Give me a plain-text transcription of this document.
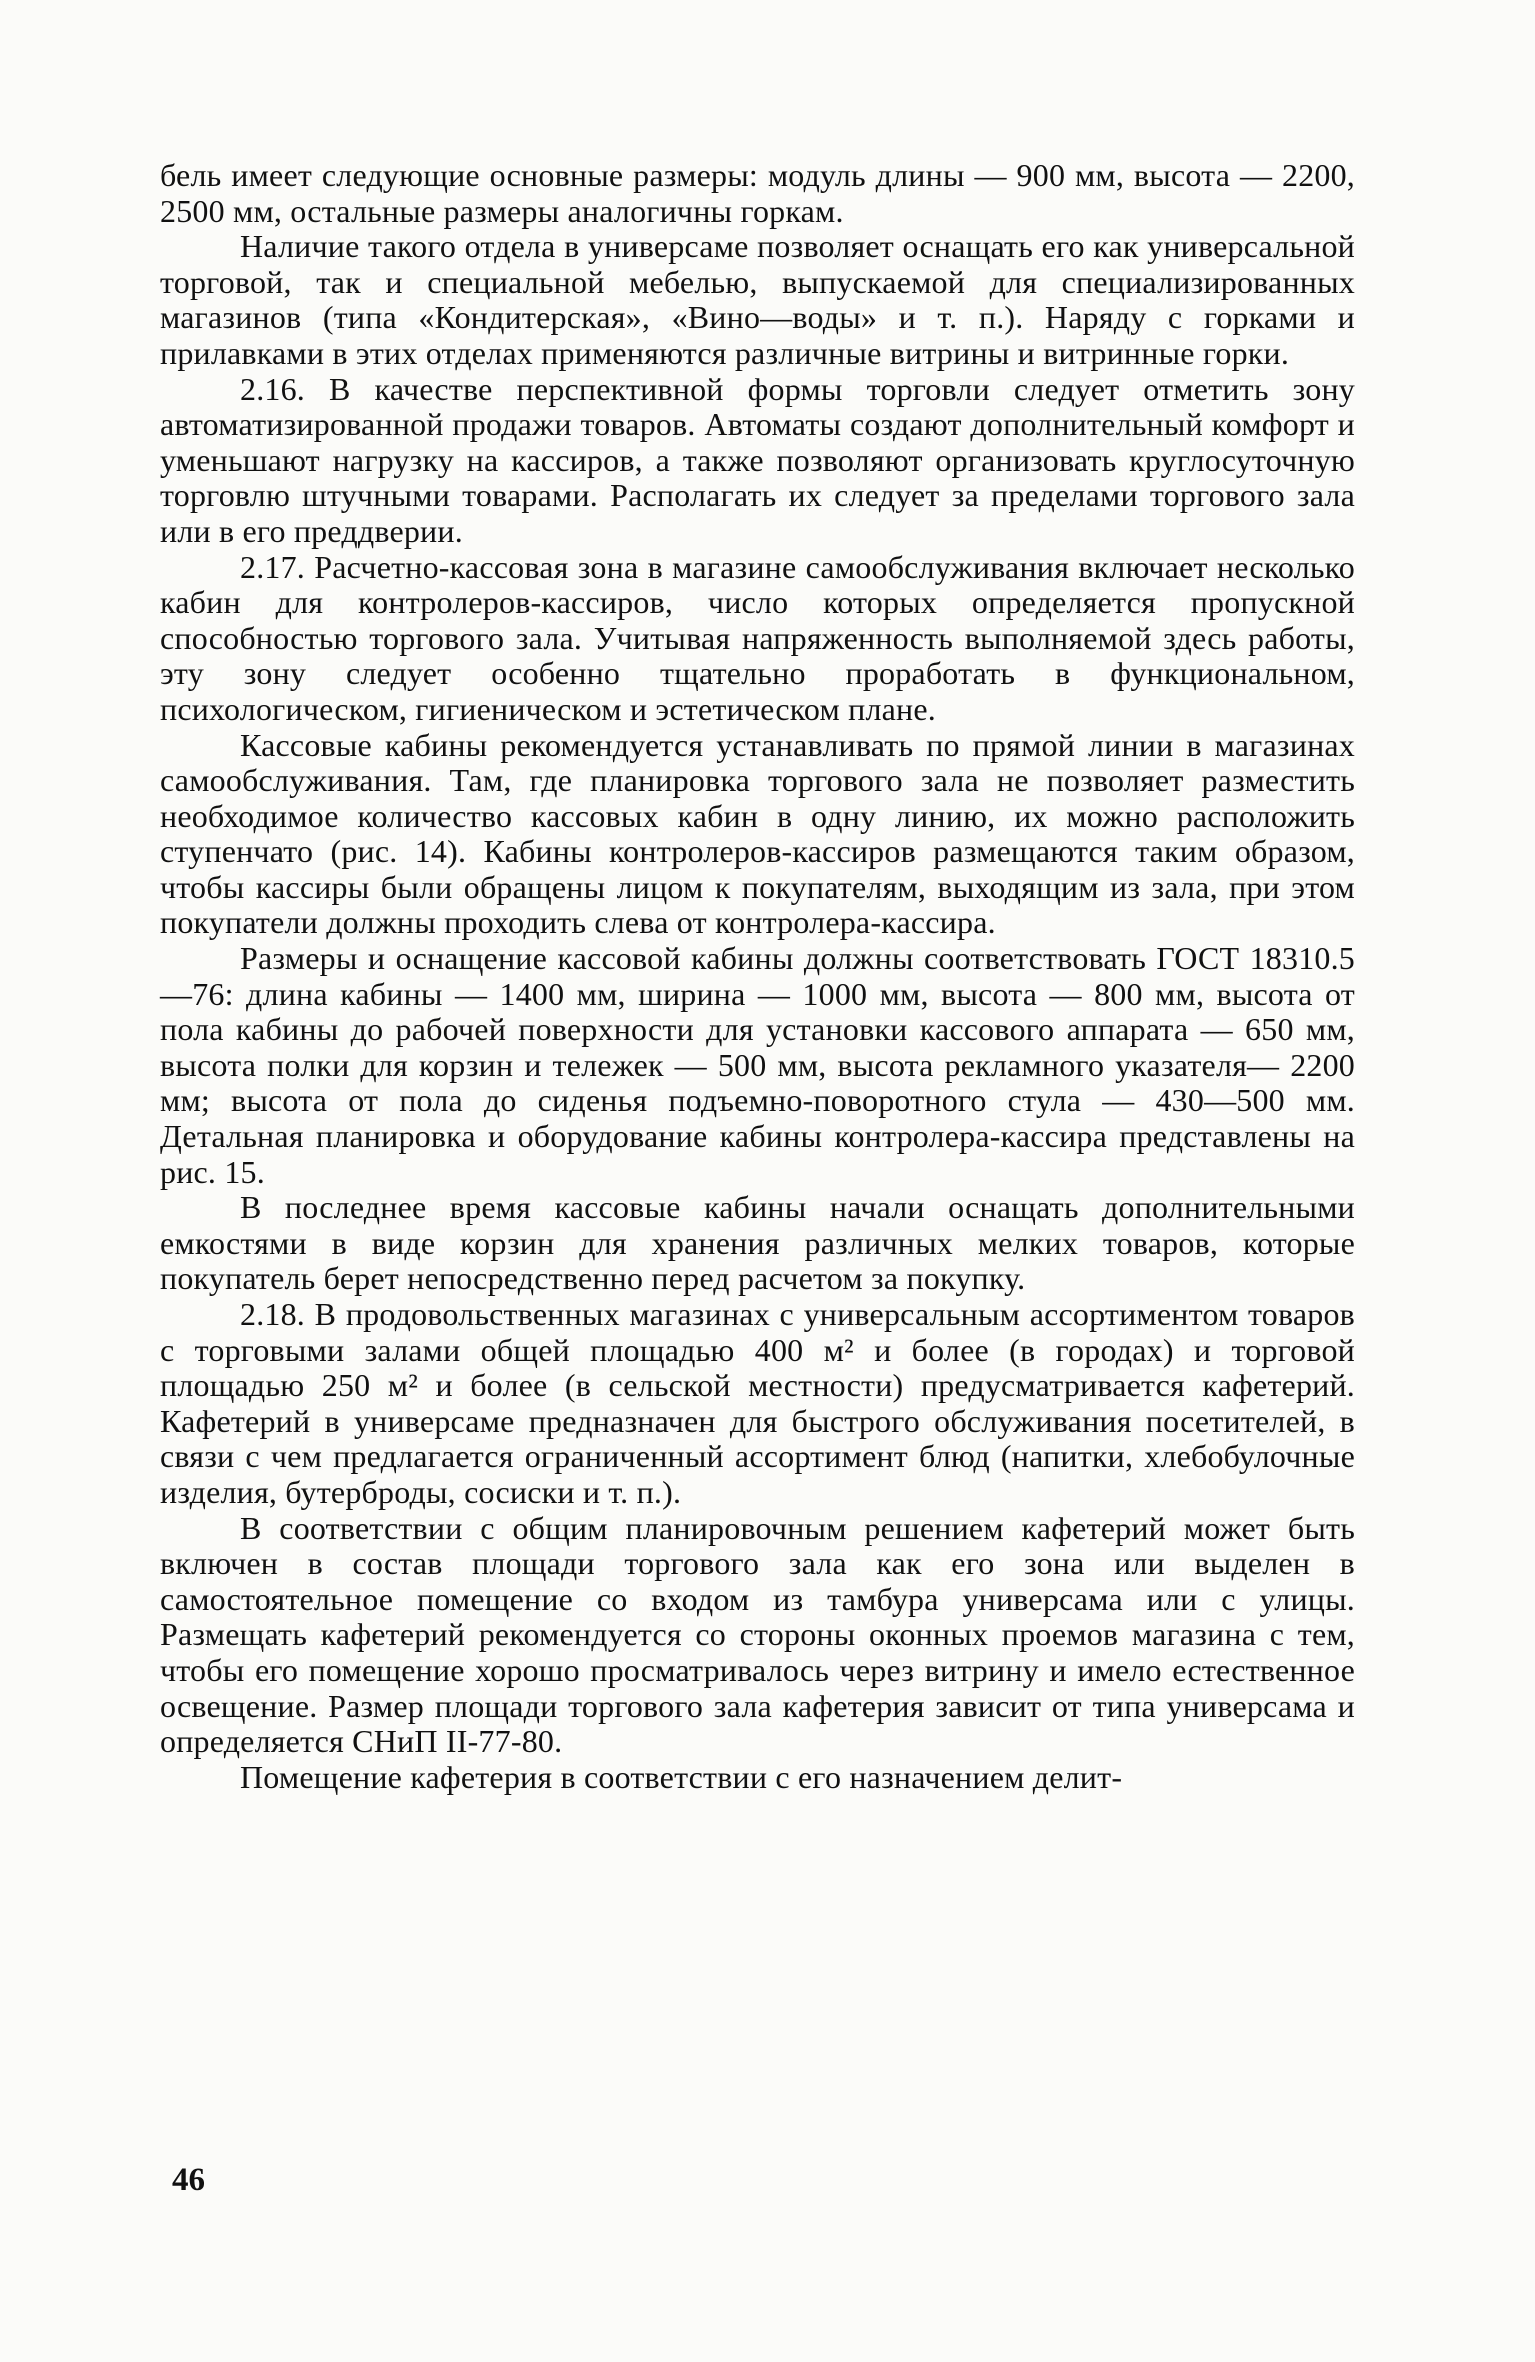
бель имеет следующие основные размеры: модуль длины — 900 мм, высота — 2200, 2500 мм, остальные размеры аналогичны горкам.

Наличие такого отдела в универсаме позволяет оснащать его как универсальной торговой, так и специальной мебелью, выпускаемой для специализированных магазинов (типа «Кондитерская», «Вино—воды» и т. п.). Наряду с горками и прилавками в этих отделах применяются различные витрины и витринные горки.

2.16. В качестве перспективной формы торговли следует отметить зону автоматизированной продажи товаров. Автоматы создают дополнительный комфорт и уменьшают нагрузку на кассиров, а также позволяют организовать круглосуточную торговлю штучными товарами. Располагать их следует за пределами торгового зала или в его преддверии.

2.17. Расчетно-кассовая зона в магазине самообслуживания включает несколько кабин для контролеров-кассиров, число которых определяется пропускной способностью торгового зала. Учитывая напряженность выполняемой здесь работы, эту зону следует особенно тщательно проработать в функциональном, психологическом, гигиеническом и эстетическом плане.

Кассовые кабины рекомендуется устанавливать по прямой линии в магазинах самообслуживания. Там, где планировка торгового зала не позволяет разместить необходимое количество кассовых кабин в одну линию, их можно расположить ступенчато (рис. 14). Кабины контролеров-кассиров размещаются таким образом, чтобы кассиры были обращены лицом к покупателям, выходящим из зала, при этом покупатели должны проходить слева от контролера-кассира.

Размеры и оснащение кассовой кабины должны соответствовать ГОСТ 18310.5—76: длина кабины — 1400 мм, ширина — 1000 мм, высота — 800 мм, высота от пола кабины до рабочей поверхности для установки кассового аппарата — 650 мм, высота полки для корзин и тележек — 500 мм, высота рекламного указателя— 2200 мм; высота от пола до сиденья подъемно-поворотного стула — 430—500 мм. Детальная планировка и оборудование кабины контролера-кассира представлены на рис. 15.

В последнее время кассовые кабины начали оснащать дополнительными емкостями в виде корзин для хранения различных мелких товаров, которые покупатель берет непосредственно перед расчетом за покупку.

2.18. В продовольственных магазинах с универсальным ассортиментом товаров с торговыми залами общей площадью 400 м² и более (в городах) и торговой площадью 250 м² и более (в сельской местности) предусматривается кафетерий. Кафетерий в универсаме предназначен для быстрого обслуживания посетителей, в связи с чем предлагается ограниченный ассортимент блюд (напитки, хлебобулочные изделия, бутерброды, сосиски и т. п.).

В соответствии с общим планировочным решением кафетерий может быть включен в состав площади торгового зала как его зона или выделен в самостоятельное помещение со входом из тамбура универсама или с улицы. Размещать кафетерий рекомендуется со стороны оконных проемов магазина с тем, чтобы его помещение хорошо просматривалось через витрину и имело естественное освещение. Размер площади торгового зала кафетерия зависит от типа универсама и определяется СНиП II-77-80.

Помещение кафетерия в соответствии с его назначением делит-

46
